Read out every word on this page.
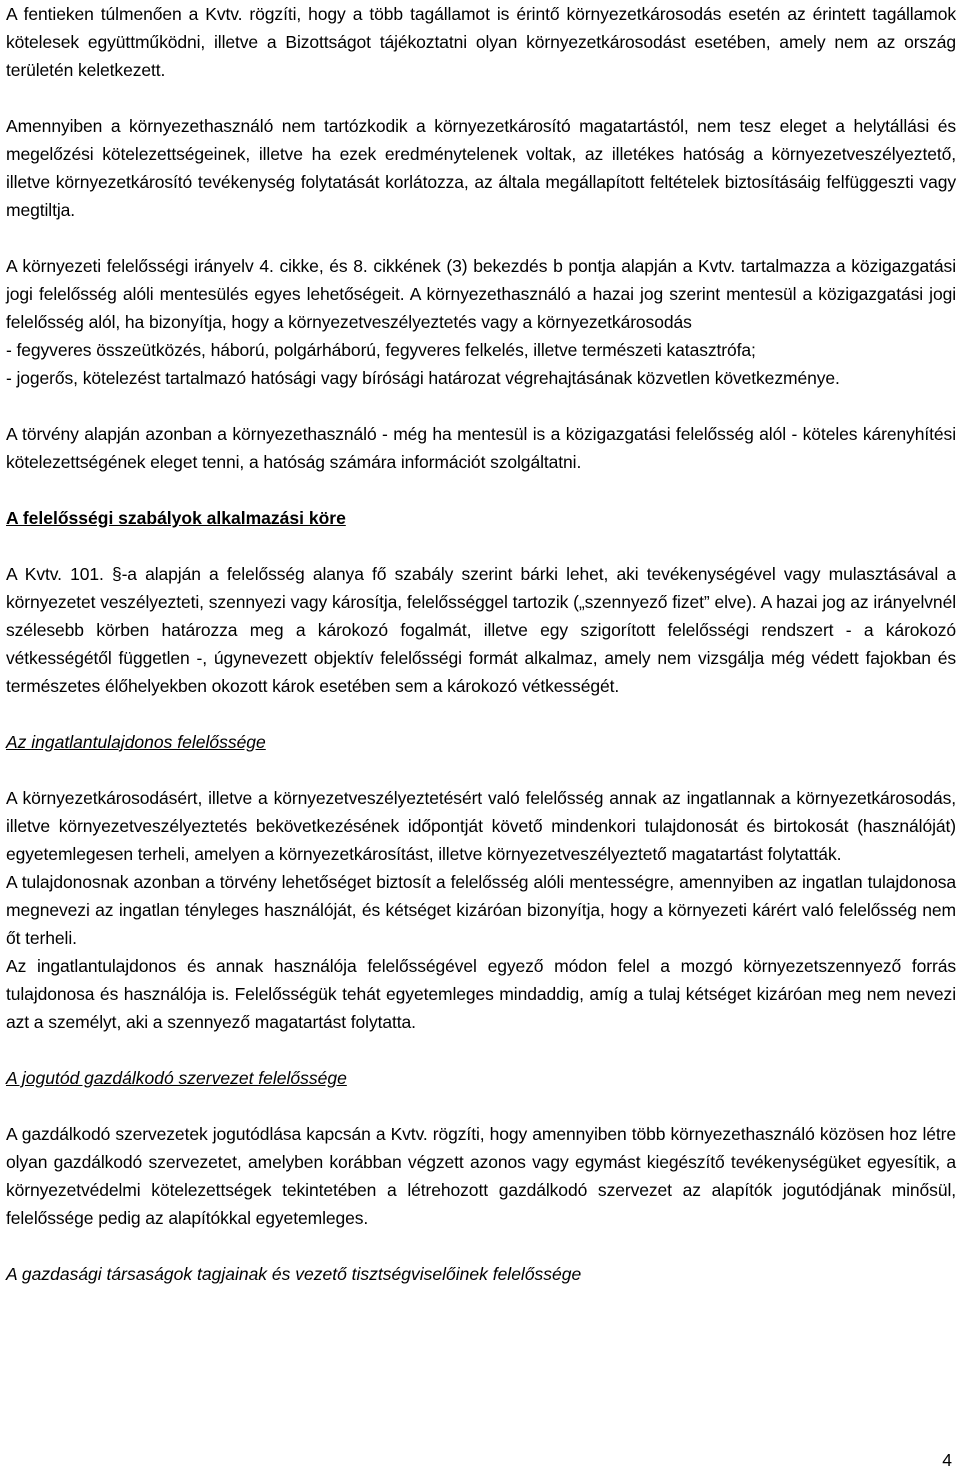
A fentieken túlmenően a Kvtv. rögzíti, hogy a több tagállamot is érintő környezetkárosodás esetén az érintett tagállamok kötelesek együttműködni, illetve a Bizottságot tájékoztatni olyan környezetkárosodást esetében, amely nem az ország területén keletkezett.

Amennyiben a környezethasználó nem tartózkodik a környezetkárosító magatartástól, nem tesz eleget a helytállási és megelőzési kötelezettségeinek, illetve ha ezek eredménytelenek voltak, az illetékes hatóság a környezetveszélyeztető, illetve környezetkárosító tevékenység folytatását korlátozza, az általa megállapított feltételek biztosításáig felfüggeszti vagy megtiltja.

A környezeti felelősségi irányelv 4. cikke, és 8. cikkének (3) bekezdés b pontja alapján a Kvtv. tartalmazza a közigazgatási jogi felelősség alóli mentesülés egyes lehetőségeit. A környezethasználó a hazai jog szerint mentesül a közigazgatási jogi felelősség alól, ha bizonyítja, hogy a környezetveszélyeztetés vagy a környezetkárosodás

- fegyveres összeütközés, háború, polgárháború, fegyveres felkelés, illetve természeti katasztrófa;

- jogerős, kötelezést tartalmazó hatósági vagy bírósági határozat végrehajtásának közvetlen következménye.

A törvény alapján azonban a környezethasználó - még ha mentesül is a közigazgatási felelősség alól - köteles kárenyhítési kötelezettségének eleget tenni, a hatóság számára információt szolgáltatni.

A felelősségi szabályok alkalmazási köre

A Kvtv. 101. §-a alapján a felelősség alanya fő szabály szerint bárki lehet, aki tevékenységével vagy mulasztásával a környezetet veszélyezteti, szennyezi vagy károsítja, felelősséggel tartozik („szennyező fizet” elve). A hazai jog az irányelvnél szélesebb körben határozza meg a károkozó fogalmát, illetve egy szigorított felelősségi rendszert - a károkozó vétkességétől független -, úgynevezett objektív felelősségi formát alkalmaz, amely nem vizsgálja még védett fajokban és természetes élőhelyekben okozott károk esetében sem a károkozó vétkességét.

Az ingatlantulajdonos felelőssége

A környezetkárosodásért, illetve a környezetveszélyeztetésért való felelősség annak az ingatlannak a környezetkárosodás, illetve környezetveszélyeztetés bekövetkezésének időpontját követő mindenkori tulajdonosát és birtokosát (használóját) egyetemlegesen terheli, amelyen a környezetkárosítást, illetve környezetveszélyeztető magatartást folytatták.

A tulajdonosnak azonban a törvény lehetőséget biztosít a felelősség alóli mentességre, amennyiben az ingatlan tulajdonosa megnevezi az ingatlan tényleges használóját, és kétséget kizáróan bizonyítja, hogy a környezeti kárért való felelősség nem őt terheli.

Az ingatlantulajdonos és annak használója felelősségével egyező módon felel a mozgó környezetszennyező forrás tulajdonosa és használója is. Felelősségük tehát egyetemleges mindaddig, amíg a tulaj kétséget kizáróan meg nem nevezi azt a személyt, aki a szennyező magatartást folytatta.

A jogutód gazdálkodó szervezet felelőssége

A gazdálkodó szervezetek jogutódlása kapcsán a Kvtv. rögzíti, hogy amennyiben több környezethasználó közösen hoz létre olyan gazdálkodó szervezetet, amelyben korábban végzett azonos vagy egymást kiegészítő tevékenységüket egyesítik, a környezetvédelmi kötelezettségek tekintetében a létrehozott gazdálkodó szervezet az alapítók jogutódjának minősül, felelőssége pedig az alapítókkal egyetemleges.

A gazdasági társaságok tagjainak és vezető tisztségviselőinek felelőssége
4
